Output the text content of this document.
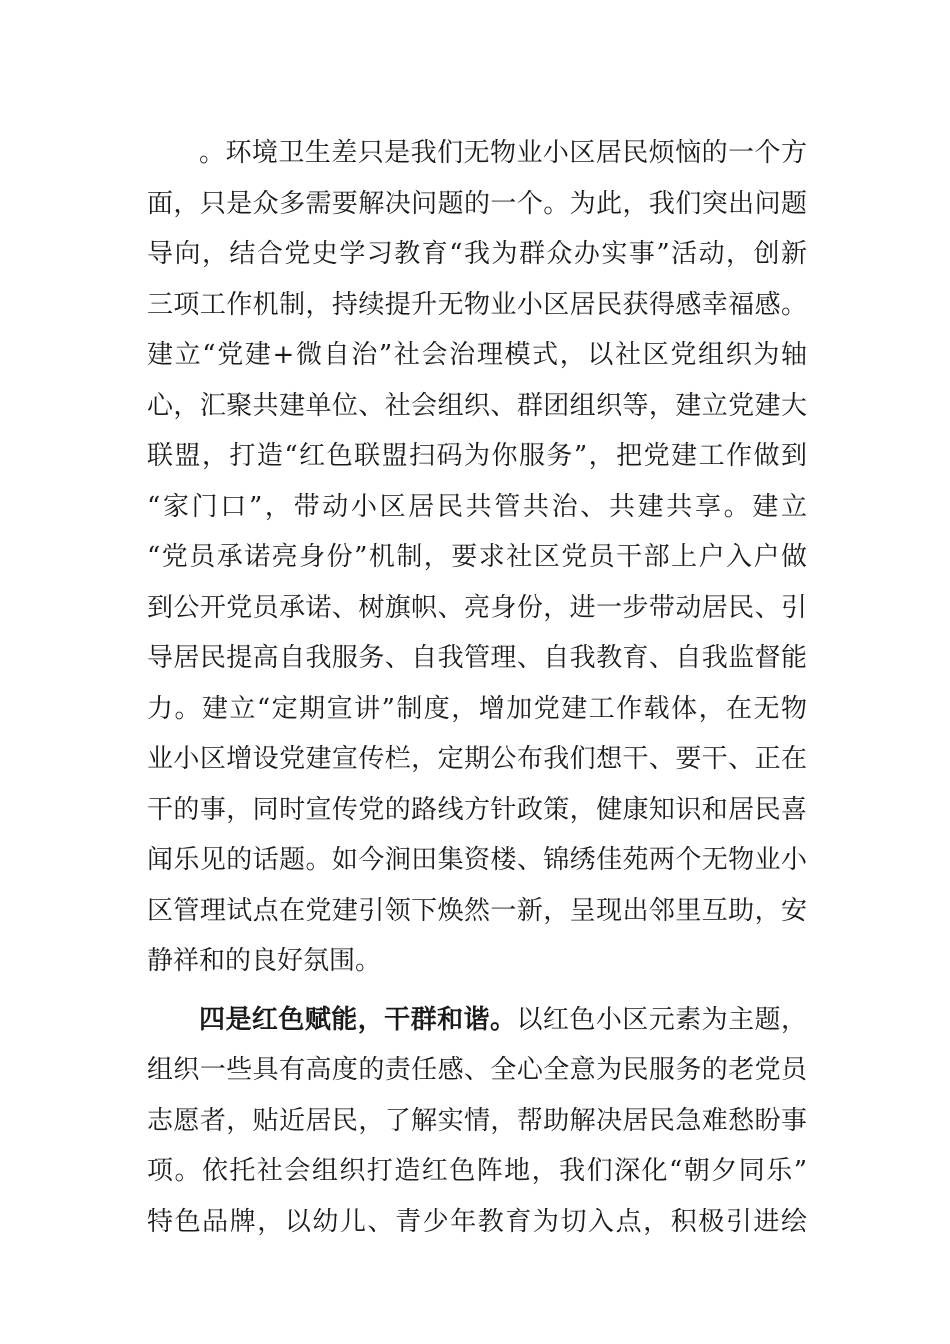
。环境卫生差只是我们无物业小区居民烦恼的一个方
面，只是众多需要解决问题的一个。为此，我们突出问题
导向，结合党史学习教育“我为群众办实事”活动，创新
三项工作机制，持续提升无物业小区居民获得感幸福感。
建立“党建+微自治”社会治理模式，以社区党组织为轴
心，汇聚共建单位、社会组织、群团组织等，建立党建大
联盟，打造“红色联盟扫码为你服务”，把党建工作做到
“家门口”，带动小区居民共管共治、共建共享。建立
“党员承诺亮身份”机制，要求社区党员干部上户入户做
到公开党员承诺、树旗帜、亮身份，进一步带动居民、引
导居民提高自我服务、自我管理、自我教育、自我监督能
力。建立“定期宣讲”制度，增加党建工作载体，在无物
业小区增设党建宣传栏，定期公布我们想干、要干、正在
干的事，同时宣传党的路线方针政策，健康知识和居民喜
闻乐见的话题。如今涧田集资楼、锦绣佳苑两个无物业小
区管理试点在党建引领下焕然一新，呈现出邻里互助，安
静祥和的良好氛围。
四是红色赋能，干群和谐。以红色小区元素为主题，
组织一些具有高度的责任感、全心全意为民服务的老党员
志愿者，贴近居民，了解实情，帮助解决居民急难愁盼事
项。依托社会组织打造红色阵地，我们深化“朝夕同乐”
特色品牌，以幼儿、青少年教育为切入点，积极引进绘
